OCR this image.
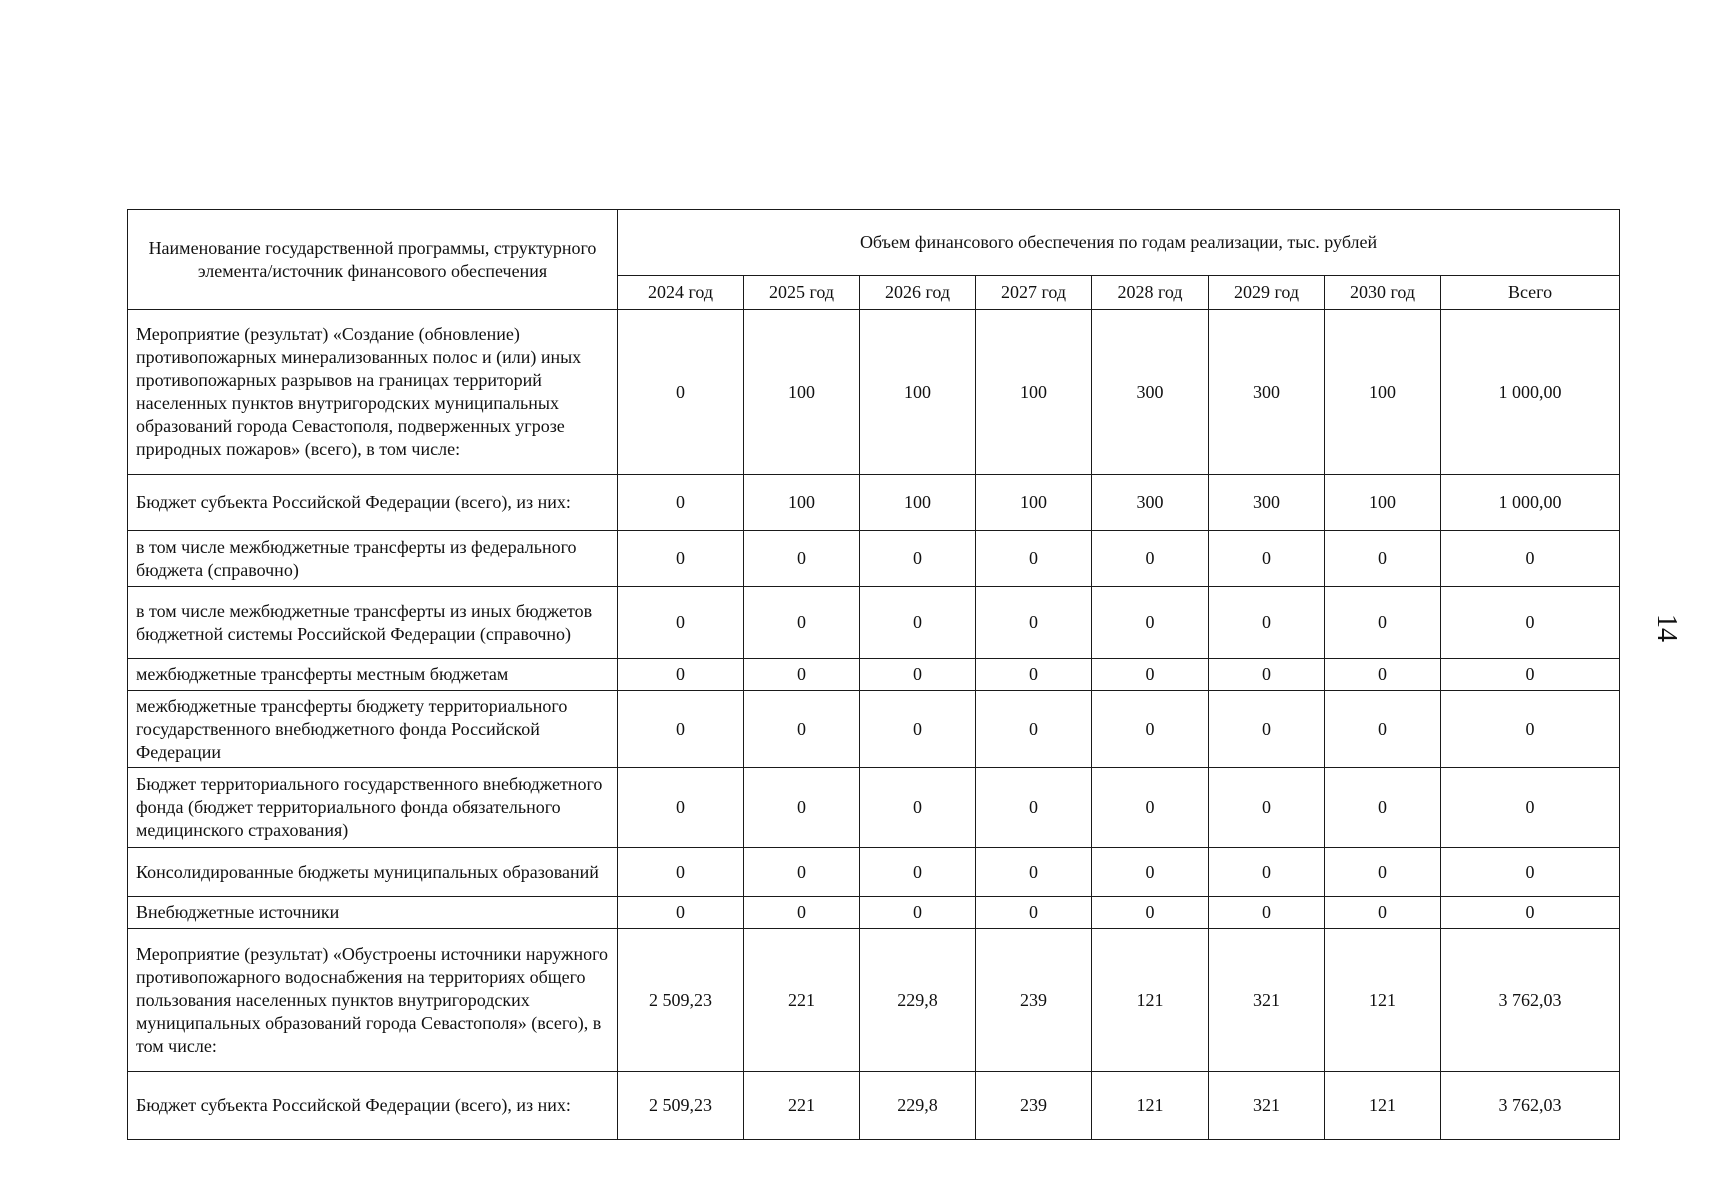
Наименование государственной программы, структурного элемента/источник финансового обеспечения	Объем финансового обеспечения по годам реализации, тыс. рублей							
	2024 год	2025 год	2026 год	2027 год	2028 год	2029 год	2030 год	Всего
Мероприятие (результат) «Создание (обновление) противопожарных минерализованных полос и (или) иных противопожарных разрывов на границах территорий населенных пунктов внутригородских муниципальных образований города Севастополя, подверженных угрозе природных пожаров» (всего), в том числе:	0	100	100	100	300	300	100	1 000,00
Бюджет субъекта Российской Федерации (всего), из них:	0	100	100	100	300	300	100	1 000,00
в том числе межбюджетные трансферты из федерального бюджета (справочно)	0	0	0	0	0	0	0	0
в том числе межбюджетные трансферты из иных бюджетов бюджетной системы Российской Федерации (справочно)	0	0	0	0	0	0	0	0
межбюджетные трансферты местным бюджетам	0	0	0	0	0	0	0	0
межбюджетные трансферты бюджету территориального государственного внебюджетного фонда Российской Федерации	0	0	0	0	0	0	0	0
Бюджет территориального государственного внебюджетного фонда (бюджет территориального фонда обязательного медицинского страхования)	0	0	0	0	0	0	0	0
Консолидированные бюджеты муниципальных образований	0	0	0	0	0	0	0	0
Внебюджетные источники	0	0	0	0	0	0	0	0
Мероприятие (результат) «Обустроены источники наружного противопожарного водоснабжения на территориях общего пользования населенных пунктов внутригородских муниципальных образований города Севастополя» (всего), в том числе:	2 509,23	221	229,8	239	121	321	121	3 762,03
Бюджет субъекта Российской Федерации (всего), из них:	2 509,23	221	229,8	239	121	321	121	3 762,03
14
